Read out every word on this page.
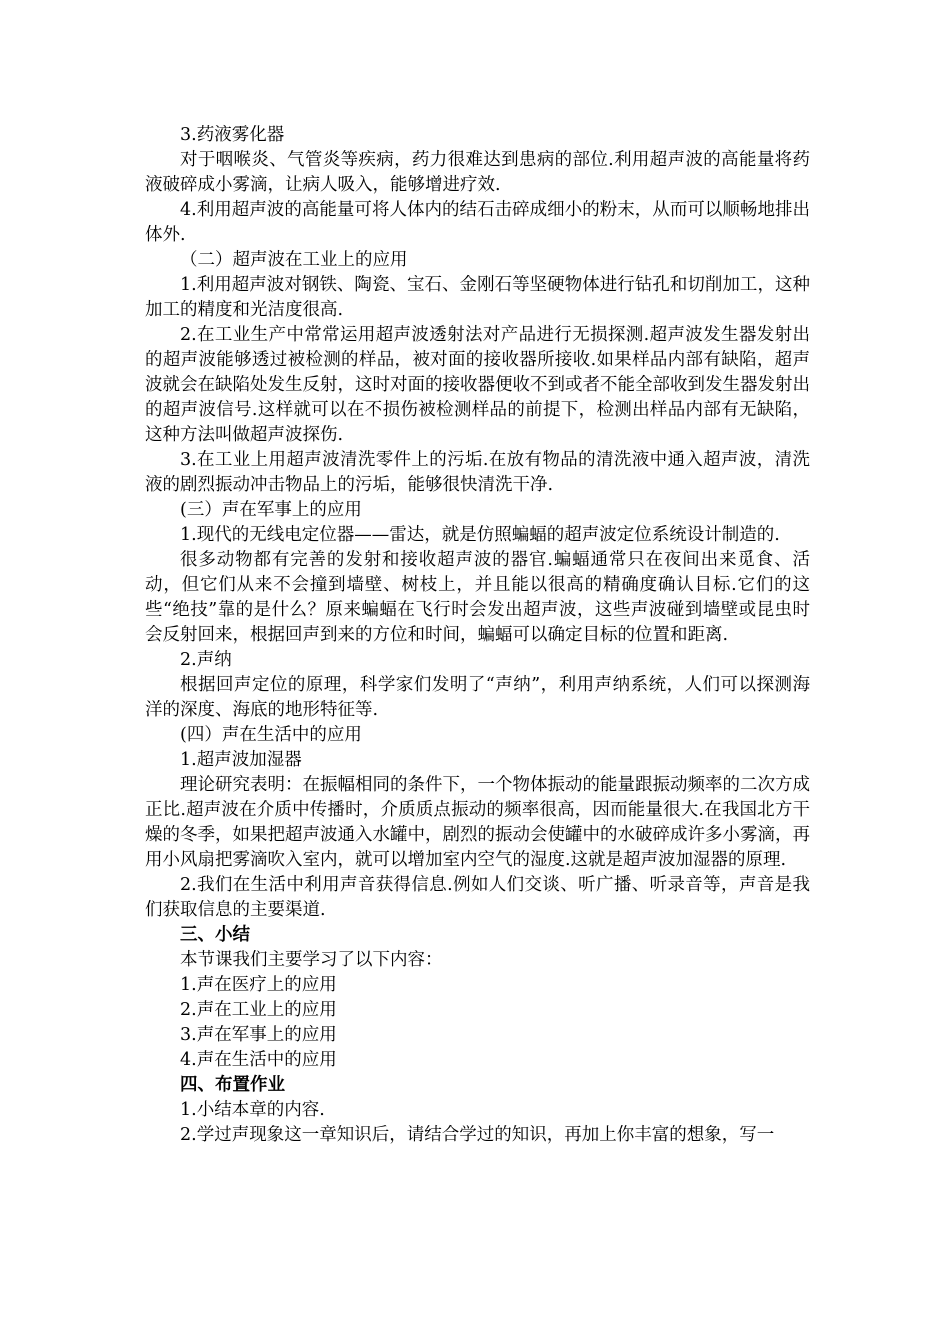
3.药液雾化器

对于咽喉炎、气管炎等疾病，药力很难达到患病的部位.利用超声波的高能量将药液破碎成小雾滴，让病人吸入，能够增进疗效.

4.利用超声波的高能量可将人体内的结石击碎成细小的粉末，从而可以顺畅地排出体外.

（二）超声波在工业上的应用

1.利用超声波对钢铁、陶瓷、宝石、金刚石等坚硬物体进行钻孔和切削加工，这种加工的精度和光洁度很高.

2.在工业生产中常常运用超声波透射法对产品进行无损探测.超声波发生器发射出的超声波能够透过被检测的样品，被对面的接收器所接收.如果样品内部有缺陷，超声波就会在缺陷处发生反射，这时对面的接收器便收不到或者不能全部收到发生器发射出的超声波信号.这样就可以在不损伤被检测样品的前提下，检测出样品内部有无缺陷，这种方法叫做超声波探伤.

3.在工业上用超声波清洗零件上的污垢.在放有物品的清洗液中通入超声波，清洗液的剧烈振动冲击物品上的污垢，能够很快清洗干净.

(三）声在军事上的应用

1.现代的无线电定位器——雷达，就是仿照蝙蝠的超声波定位系统设计制造的.

很多动物都有完善的发射和接收超声波的器官.蝙蝠通常只在夜间出来觅食、活动，但它们从来不会撞到墙壁、树枝上，并且能以很高的精确度确认目标.它们的这些“绝技”靠的是什么？原来蝙蝠在飞行时会发出超声波，这些声波碰到墙壁或昆虫时会反射回来，根据回声到来的方位和时间，蝙蝠可以确定目标的位置和距离.

2.声纳

根据回声定位的原理，科学家们发明了“声纳”，利用声纳系统，人们可以探测海洋的深度、海底的地形特征等.

(四）声在生活中的应用

1.超声波加湿器

理论研究表明：在振幅相同的条件下，一个物体振动的能量跟振动频率的二次方成正比.超声波在介质中传播时，介质质点振动的频率很高，因而能量很大.在我国北方干燥的冬季，如果把超声波通入水罐中，剧烈的振动会使罐中的水破碎成许多小雾滴，再用小风扇把雾滴吹入室内，就可以增加室内空气的湿度.这就是超声波加湿器的原理.

2.我们在生活中利用声音获得信息.例如人们交谈、听广播、听录音等，声音是我们获取信息的主要渠道.

三、小结

本节课我们主要学习了以下内容：

1.声在医疗上的应用

2.声在工业上的应用

3.声在军事上的应用

4.声在生活中的应用

四、布置作业

1.小结本章的内容.

2.学过声现象这一章知识后，请结合学过的知识，再加上你丰富的想象，写一
